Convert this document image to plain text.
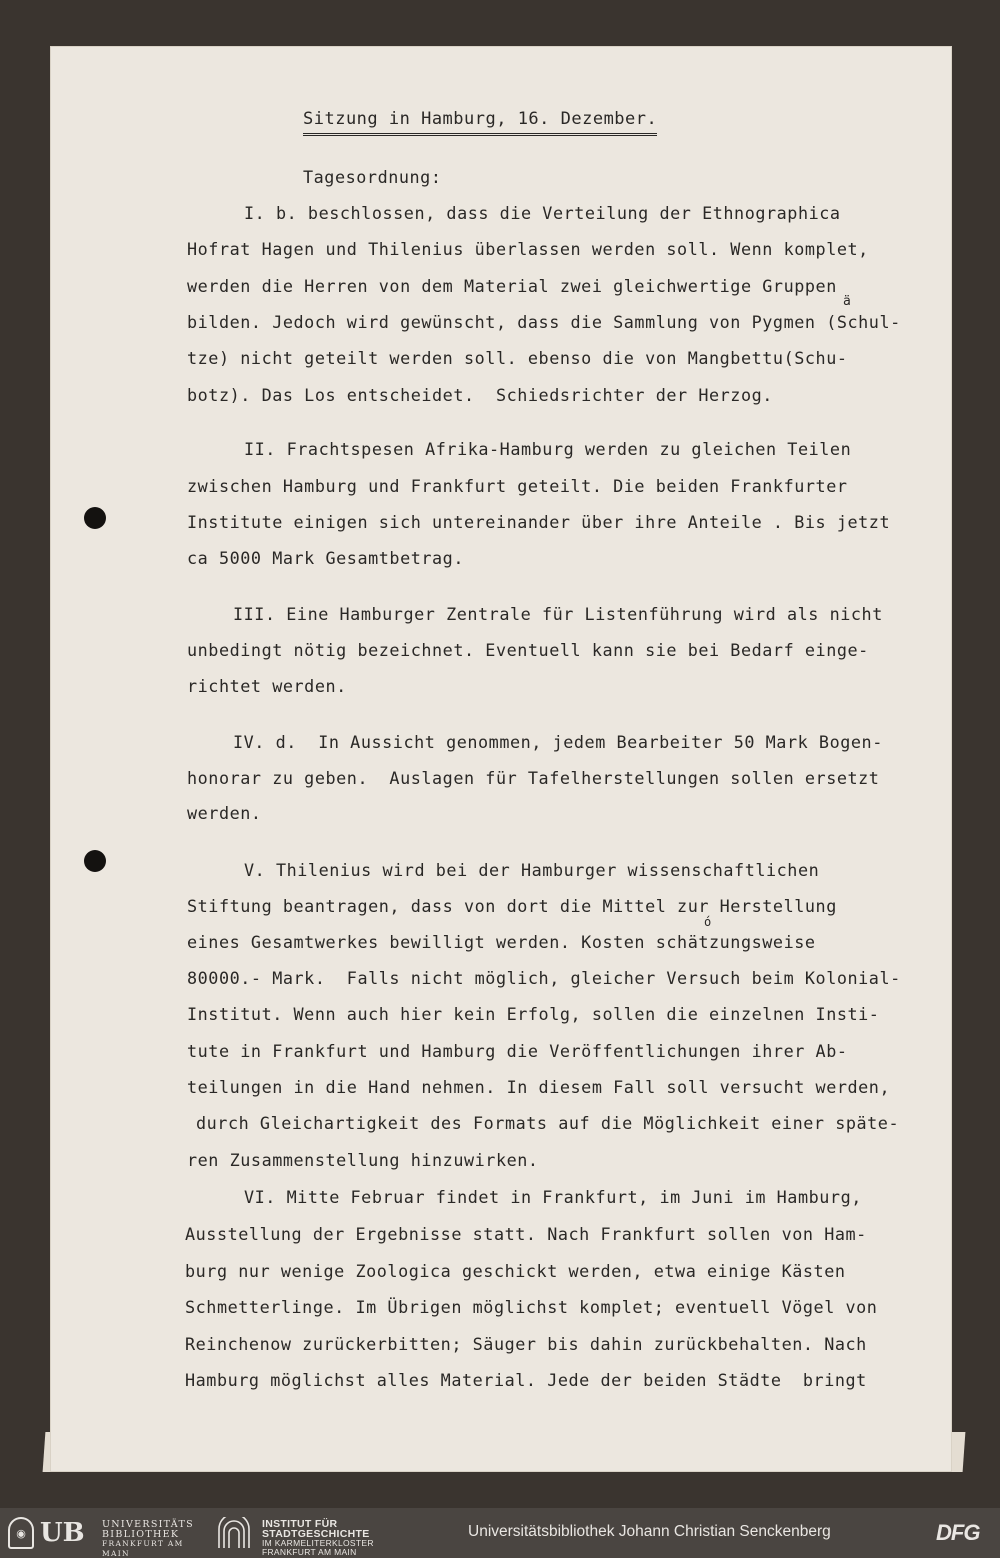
Sitzung in Hamburg, 16. Dezember.
Tagesordnung:
I. b. beschlossen, dass die Verteilung der Ethnographica
Hofrat Hagen und Thilenius überlassen werden soll. Wenn komplet,
werden die Herren von dem Material zwei gleichwertige Gruppen
bilden. Jedoch wird gewünscht, dass die Sammlung von Pygmen (Schul-
tze) nicht geteilt werden soll. ebenso die von Mangbettu(Schu-
botz). Das Los entscheidet.  Schiedsrichter der Herzog.
ä
II. Frachtspesen Afrika-Hamburg werden zu gleichen Teilen
zwischen Hamburg und Frankfurt geteilt. Die beiden Frankfurter
Institute einigen sich untereinander über ihre Anteile . Bis jetzt
ca 5000 Mark Gesamtbetrag.
III. Eine Hamburger Zentrale für Listenführung wird als nicht
unbedingt nötig bezeichnet. Eventuell kann sie bei Bedarf einge-
richtet werden.
IV. d.  In Aussicht genommen, jedem Bearbeiter 50 Mark Bogen-
honorar zu geben.  Auslagen für Tafelherstellungen sollen ersetzt
werden.
V. Thilenius wird bei der Hamburger wissenschaftlichen
Stiftung beantragen, dass von dort die Mittel zur Herstellung
eines Gesamtwerkes bewilligt werden. Kosten schätzungsweise
ó
80000.- Mark.  Falls nicht möglich, gleicher Versuch beim Kolonial-
Institut. Wenn auch hier kein Erfolg, sollen die einzelnen Insti-
tute in Frankfurt und Hamburg die Veröffentlichungen ihrer Ab-
teilungen in die Hand nehmen. In diesem Fall soll versucht werden,
durch Gleichartigkeit des Formats auf die Möglichkeit einer späte-
ren Zusammenstellung hinzuwirken.
VI. Mitte Februar findet in Frankfurt, im Juni im Hamburg,
Ausstellung der Ergebnisse statt. Nach Frankfurt sollen von Ham-
burg nur wenige Zoologica geschickt werden, etwa einige Kästen
Schmetterlinge. Im Übrigen möglichst komplet; eventuell Vögel von
Reinchenow zurückerbitten; Säuger bis dahin zurückbehalten. Nach
Hamburg möglichst alles Material. Jede der beiden Städte  bringt
◉ UB UNIVERSITÄTS
BIBLIOTHEK
FRANKFURT AM MAIN
INSTITUT FÜR
STADTGESCHICHTE
IM KARMELITERKLOSTER
FRANKFURT AM MAIN
Universitätsbibliothek Johann Christian Senckenberg	DFG
